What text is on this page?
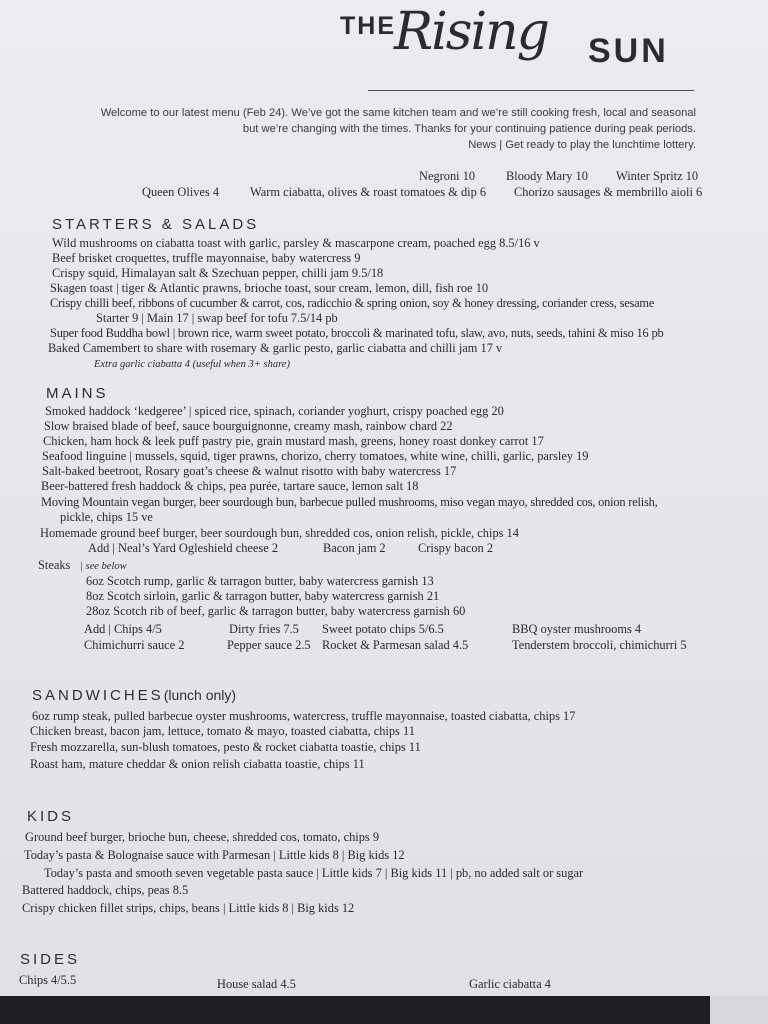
THE
Rising SUN
Welcome to our latest menu (Feb 24). We’ve got the same kitchen team and we’re still cooking fresh, local and seasonal
but we’re changing with the times. Thanks for your continuing patience during peak periods.
News | Get ready to play the lunchtime lottery.
Negroni 10 Bloody Mary 10 Winter Spritz 10
Queen Olives 4 Warm ciabatta, olives & roast tomatoes & dip 6 Chorizo sausages & membrillo aioli 6
STARTERS & SALADS
Wild mushrooms on ciabatta toast with garlic, parsley & mascarpone cream, poached egg 8.5/16 v
Beef brisket croquettes, truffle mayonnaise, baby watercress 9
Crispy squid, Himalayan salt & Szechuan pepper, chilli jam 9.5/18
Skagen toast | tiger & Atlantic prawns, brioche toast, sour cream, lemon, dill, fish roe 10
Crispy chilli beef, ribbons of cucumber & carrot, cos, radicchio & spring onion, soy & honey dressing, coriander cress, sesame
Starter 9 | Main 17 | swap beef for tofu 7.5/14 pb
Super food Buddha bowl | brown rice, warm sweet potato, broccoli & marinated tofu, slaw, avo, nuts, seeds, tahini & miso 16 pb
Baked Camembert to share with rosemary & garlic pesto, garlic ciabatta and chilli jam 17 v
Extra garlic ciabatta 4 (useful when 3+ share)
MAINS
Smoked haddock ‘kedgeree’ | spiced rice, spinach, coriander yoghurt, crispy poached egg 20
Slow braised blade of beef, sauce bourguignonne, creamy mash, rainbow chard 22
Chicken, ham hock & leek puff pastry pie, grain mustard mash, greens, honey roast donkey carrot 17
Seafood linguine | mussels, squid, tiger prawns, chorizo, cherry tomatoes, white wine, chilli, garlic, parsley 19
Salt-baked beetroot, Rosary goat’s cheese & walnut risotto with baby watercress 17
Beer-battered fresh haddock & chips, pea purée, tartare sauce, lemon salt 18
Moving Mountain vegan burger, beer sourdough bun, barbecue pulled mushrooms, miso vegan mayo, shredded cos, onion relish,
pickle, chips 15 ve
Homemade ground beef burger, beer sourdough bun, shredded cos, onion relish, pickle, chips 14
Add | Neal’s Yard Ogleshield cheese 2	Bacon jam 2	Crispy bacon 2
Steaks | see below
6oz Scotch rump, garlic & tarragon butter, baby watercress garnish 13
8oz Scotch sirloin, garlic & tarragon butter, baby watercress garnish 21
28oz Scotch rib of beef, garlic & tarragon butter, baby watercress garnish 60
Add | Chips 4/5	Dirty fries 7.5 Sweet potato chips 5/6.5	BBQ oyster mushrooms 4
Chimichurri sauce 2	Pepper sauce 2.5 Rocket & Parmesan salad 4.5	Tenderstem broccoli, chimichurri 5
SANDWICHES(lunch only)
6oz rump steak, pulled barbecue oyster mushrooms, watercress, truffle mayonnaise, toasted ciabatta, chips 17
Chicken breast, bacon jam, lettuce, tomato & mayo, toasted ciabatta, chips 11
Fresh mozzarella, sun-blush tomatoes, pesto & rocket ciabatta toastie, chips 11
Roast ham, mature cheddar & onion relish ciabatta toastie, chips 11
KIDS
Ground beef burger, brioche bun, cheese, shredded cos, tomato, chips 9
Today’s pasta & Bolognaise sauce with Parmesan | Little kids 8 | Big kids 12
Today’s pasta and smooth seven vegetable pasta sauce | Little kids 7 | Big kids 11 | pb, no added salt or sugar
Battered haddock, chips, peas 8.5
Crispy chicken fillet strips, chips, beans | Little kids 8 | Big kids 12
SIDES
Chips 4/5.5	House salad 4.5	Garlic ciabatta 4
